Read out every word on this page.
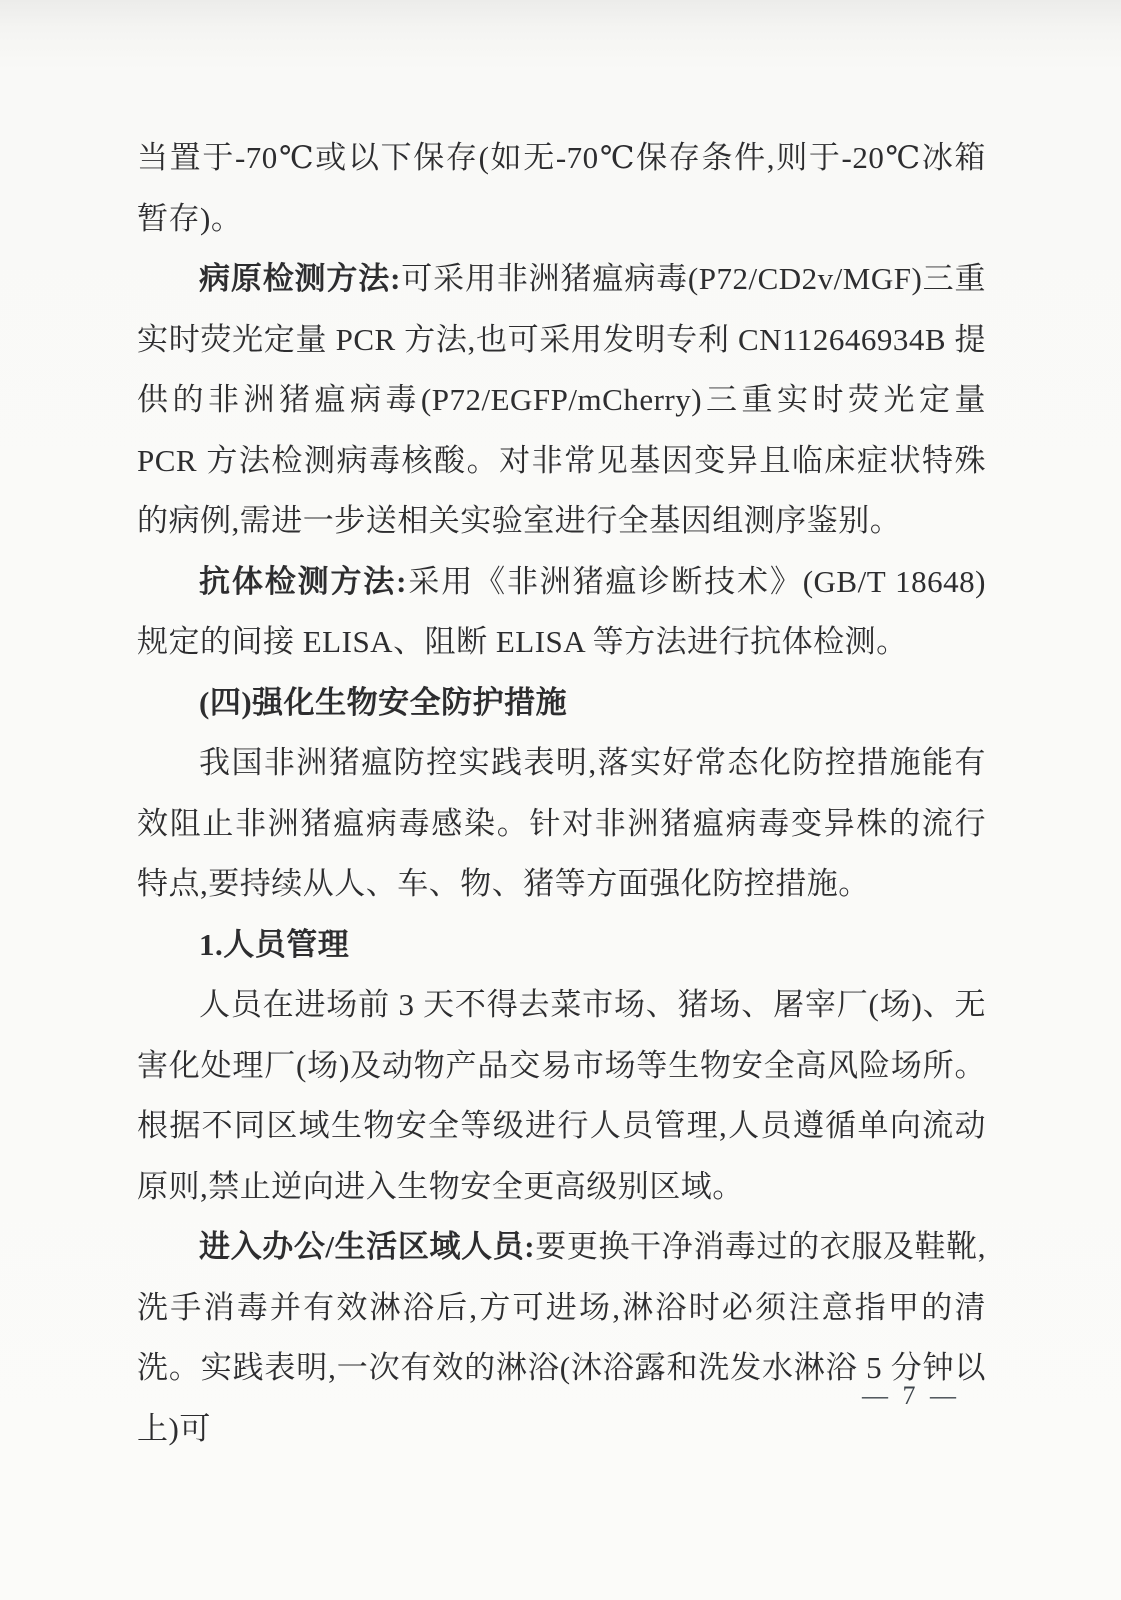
当置于-70℃或以下保存(如无-70℃保存条件,则于-20℃冰箱暂存)。

病原检测方法:可采用非洲猪瘟病毒(P72/CD2v/MGF)三重实时荧光定量 PCR 方法,也可采用发明专利 CN112646934B 提供的非洲猪瘟病毒(P72/EGFP/mCherry)三重实时荧光定量 PCR 方法检测病毒核酸。对非常见基因变异且临床症状特殊的病例,需进一步送相关实验室进行全基因组测序鉴别。

抗体检测方法:采用《非洲猪瘟诊断技术》(GB/T 18648)规定的间接 ELISA、阻断 ELISA 等方法进行抗体检测。

(四)强化生物安全防护措施

我国非洲猪瘟防控实践表明,落实好常态化防控措施能有效阻止非洲猪瘟病毒感染。针对非洲猪瘟病毒变异株的流行特点,要持续从人、车、物、猪等方面强化防控措施。

1.人员管理

人员在进场前 3 天不得去菜市场、猪场、屠宰厂(场)、无害化处理厂(场)及动物产品交易市场等生物安全高风险场所。根据不同区域生物安全等级进行人员管理,人员遵循单向流动原则,禁止逆向进入生物安全更高级别区域。

进入办公/生活区域人员:要更换干净消毒过的衣服及鞋靴,洗手消毒并有效淋浴后,方可进场,淋浴时必须注意指甲的清洗。实践表明,一次有效的淋浴(沐浴露和洗发水淋浴 5 分钟以上)可

— 7 —
